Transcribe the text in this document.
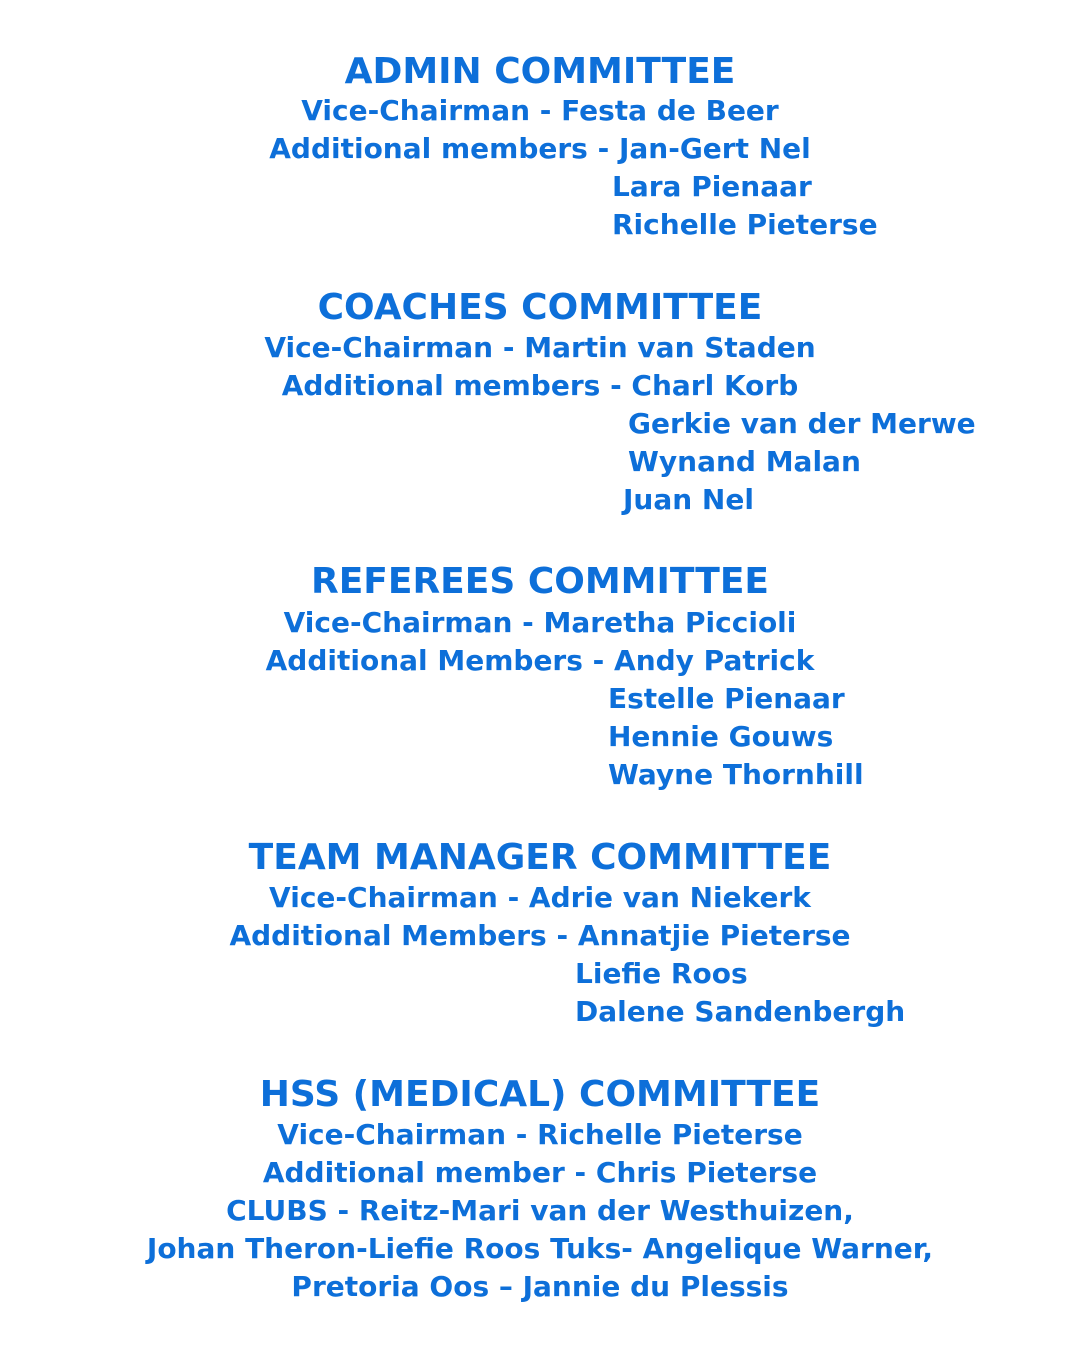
ADMIN COMMITTEE
Vice-Chairman - Festa de Beer
Additional members - Jan-Gert Nel
Lara Pienaar
Richelle Pieterse
COACHES COMMITTEE
Vice-Chairman - Martin van Staden
Additional members - Charl Korb
Gerkie van der Merwe
Wynand Malan
Juan Nel
REFEREES COMMITTEE
Vice-Chairman - Maretha Piccioli
Additional Members - Andy Patrick
Estelle Pienaar
Hennie Gouws
Wayne Thornhill
TEAM MANAGER COMMITTEE
Vice-Chairman - Adrie van Niekerk
Additional Members - Annatjie Pieterse
Liefie Roos
Dalene Sandenbergh
HSS (MEDICAL) COMMITTEE
Vice-Chairman - Richelle Pieterse
Additional member - Chris Pieterse
CLUBS - Reitz-Mari van der Westhuizen,
Johan Theron-Liefie Roos Tuks- Angelique Warner,
Pretoria Oos – Jannie du Plessis
